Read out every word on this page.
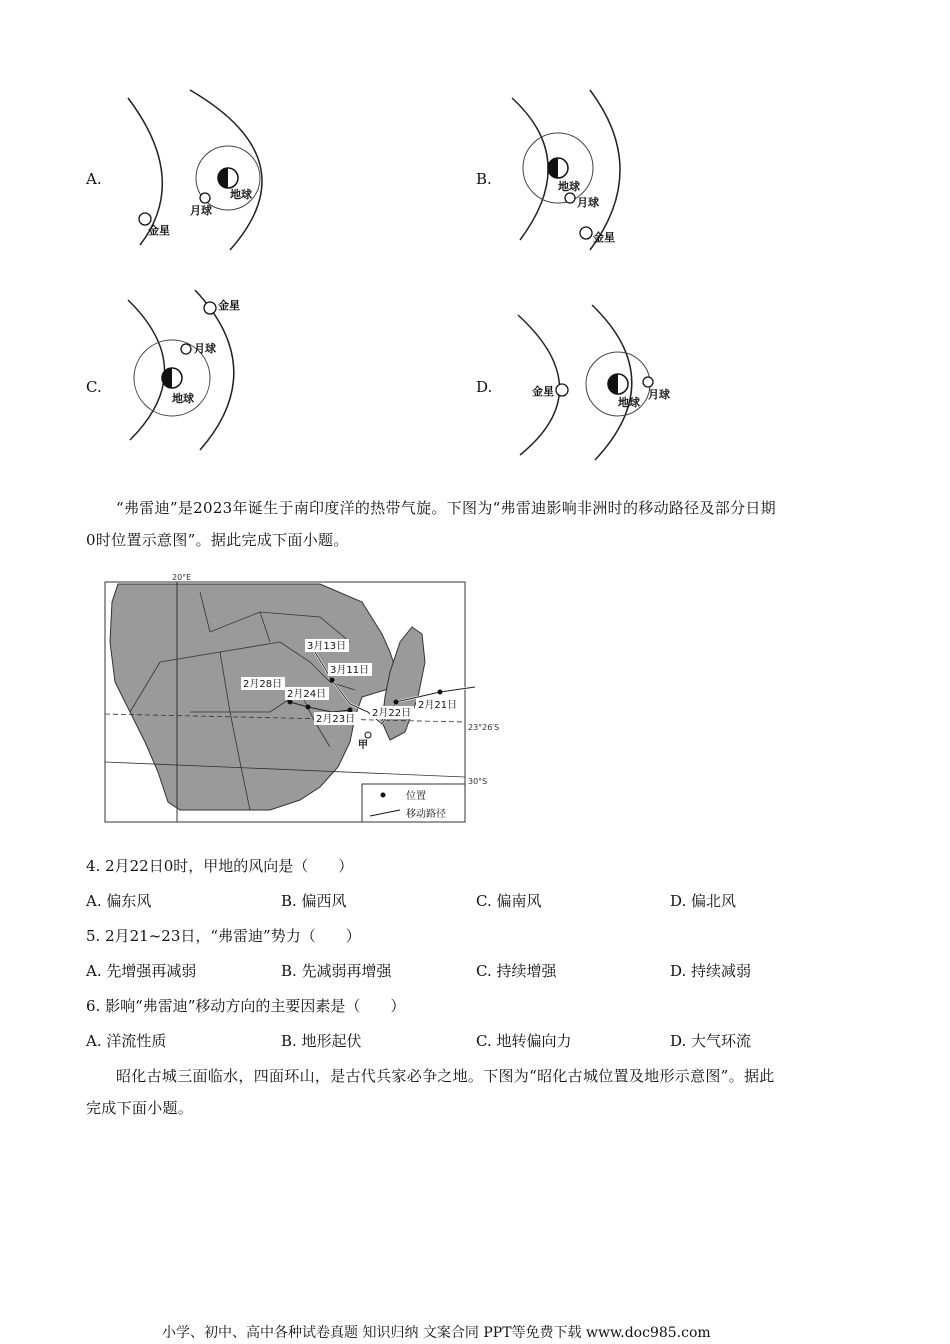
A.
金星
月球
地球
B.	地球
月球
金星
C.
金星
月球
地球
D.	金星
地球
月球
“弗雷迪”是2023年诞生于南印度洋的热带气旋。下图为“弗雷迪影响非洲时的移动路径及部分日期
0时位置示意图”。据此完成下面小题。
20°E
23°26′S
30°S
3月13日
3月11日
2月28日
2月24日
2月23日
2月22日
2月21日
甲
位置
移动路径
4. 2月22日0时，甲地的风向是（　　）
A. 偏东风	B. 偏西风	C. 偏南风	D. 偏北风
5. 2月21~23日，“弗雷迪”势力（　　）
A. 先增强再减弱	B. 先减弱再增强	C. 持续增强	D. 持续减弱
6. 影响“弗雷迪”移动方向的主要因素是（　　）
A. 洋流性质	B. 地形起伏	C. 地转偏向力	D. 大气环流
昭化古城三面临水，四面环山，是古代兵家必争之地。下图为“昭化古城位置及地形示意图”。据此
完成下面小题。
小学、初中、高中各种试卷真题 知识归纳 文案合同 PPT等免费下载 www.doc985.com
